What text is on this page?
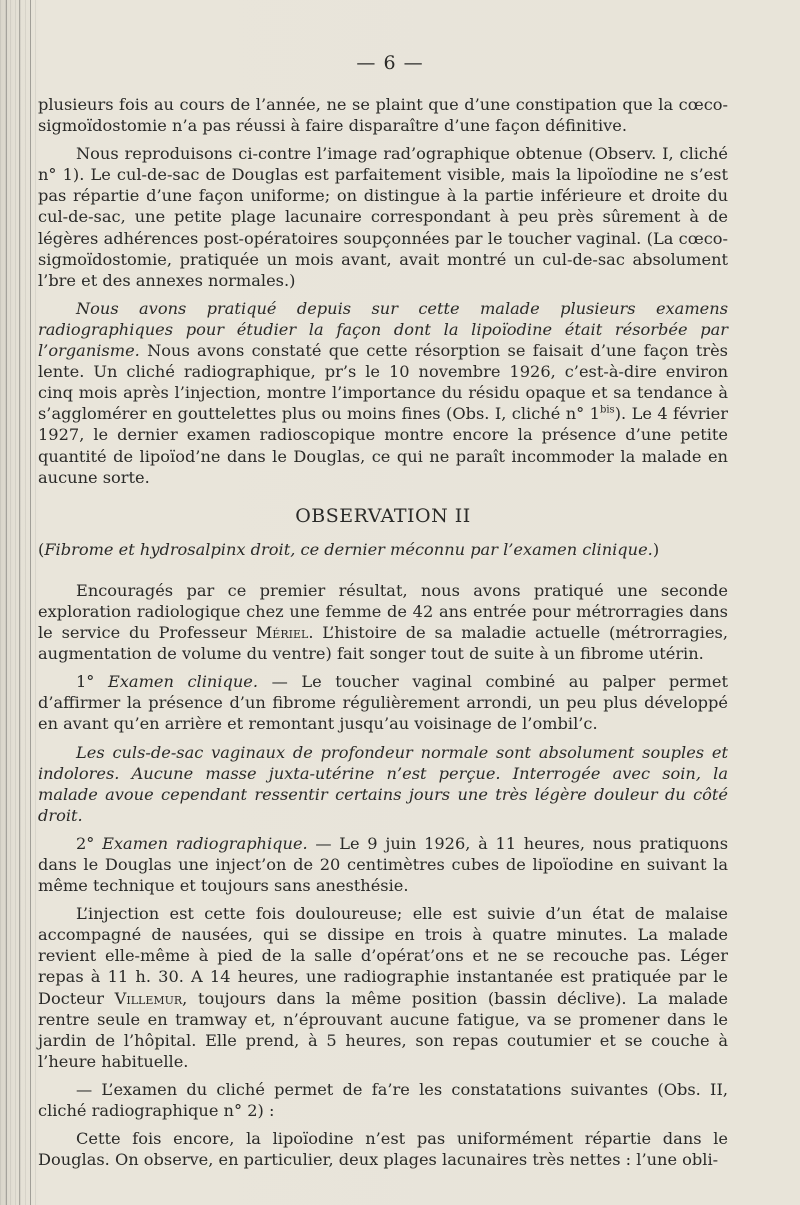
— 6 —

plusieurs fois au cours de l’année, ne se plaint que d’une constipation que la cœco-sigmoïdostomie n’a pas réussi à faire disparaître d’une façon définitive.

Nous reproduisons ci-contre l’image rad’ographique obtenue (Observ. I, cliché n° 1). Le cul-de-sac de Douglas est parfaitement visible, mais la lipoïodine ne s’est pas répartie d’une façon uniforme; on distingue à la partie inférieure et droite du cul-de-sac, une petite plage lacunaire correspondant à peu près sûrement à de légères adhérences post-opératoires soupçonnées par le toucher vaginal. (La cœco-sigmoïdostomie, pratiquée un mois avant, avait montré un cul-de-sac absolument l’bre et des annexes normales.)

Nous avons pratiqué depuis sur cette malade plusieurs examens radiographiques pour étudier la façon dont la lipoïodine était résorbée par l’organisme. Nous avons constaté que cette résorption se faisait d’une façon très lente. Un cliché radiographique, pr’s le 10 novembre 1926, c’est-à-dire environ cinq mois après l’injection, montre l’importance du résidu opaque et sa tendance à s’agglomérer en gouttelettes plus ou moins fines (Obs. I, cliché n° $1^{bis}$). Le 4 février 1927, le dernier examen radioscopique montre encore la présence d’une petite quantité de lipoïod’ne dans le Douglas, ce qui ne paraît incommoder la malade en aucune sorte.

OBSERVATION II

(Fibrome et hydrosalpinx droit, ce dernier méconnu par l’examen clinique.)

Encouragés par ce premier résultat, nous avons pratiqué une seconde exploration radiologique chez une femme de 42 ans entrée pour métrorragies dans le service du Professeur Mériel. L’histoire de sa maladie actuelle (métrorragies, augmentation de volume du ventre) fait songer tout de suite à un fibrome utérin.

1° Examen clinique. — Le toucher vaginal combiné au palper permet d’affirmer la présence d’un fibrome régulièrement arrondi, un peu plus développé en avant qu’en arrière et remontant jusqu’au voisinage de l’ombil’c.

Les culs-de-sac vaginaux de profondeur normale sont absolument souples et indolores. Aucune masse juxta-utérine n’est perçue. Interrogée avec soin, la malade avoue cependant ressentir certains jours une très légère douleur du côté droit.

2° Examen radiographique. — Le 9 juin 1926, à 11 heures, nous pratiquons dans le Douglas une inject’on de 20 centimètres cubes de lipoïodine en suivant la même technique et toujours sans anesthésie.

L’injection est cette fois douloureuse; elle est suivie d’un état de malaise accompagné de nausées, qui se dissipe en trois à quatre minutes. La malade revient elle-même à pied de la salle d’opérat’ons et ne se recouche pas. Léger repas à 11 h. 30. A 14 heures, une radiographie instantanée est pratiquée par le Docteur Villemur, toujours dans la même position (bassin déclive). La malade rentre seule en tramway et, n’éprouvant aucune fatigue, va se promener dans le jardin de l’hôpital. Elle prend, à 5 heures, son repas coutumier et se couche à l’heure habituelle.

— L’examen du cliché permet de fa’re les constatations suivantes (Obs. II, cliché radiographique n° 2) :

Cette fois encore, la lipoïodine n’est pas uniformément répartie dans le Douglas. On observe, en particulier, deux plages lacunaires très nettes : l’une obli-
